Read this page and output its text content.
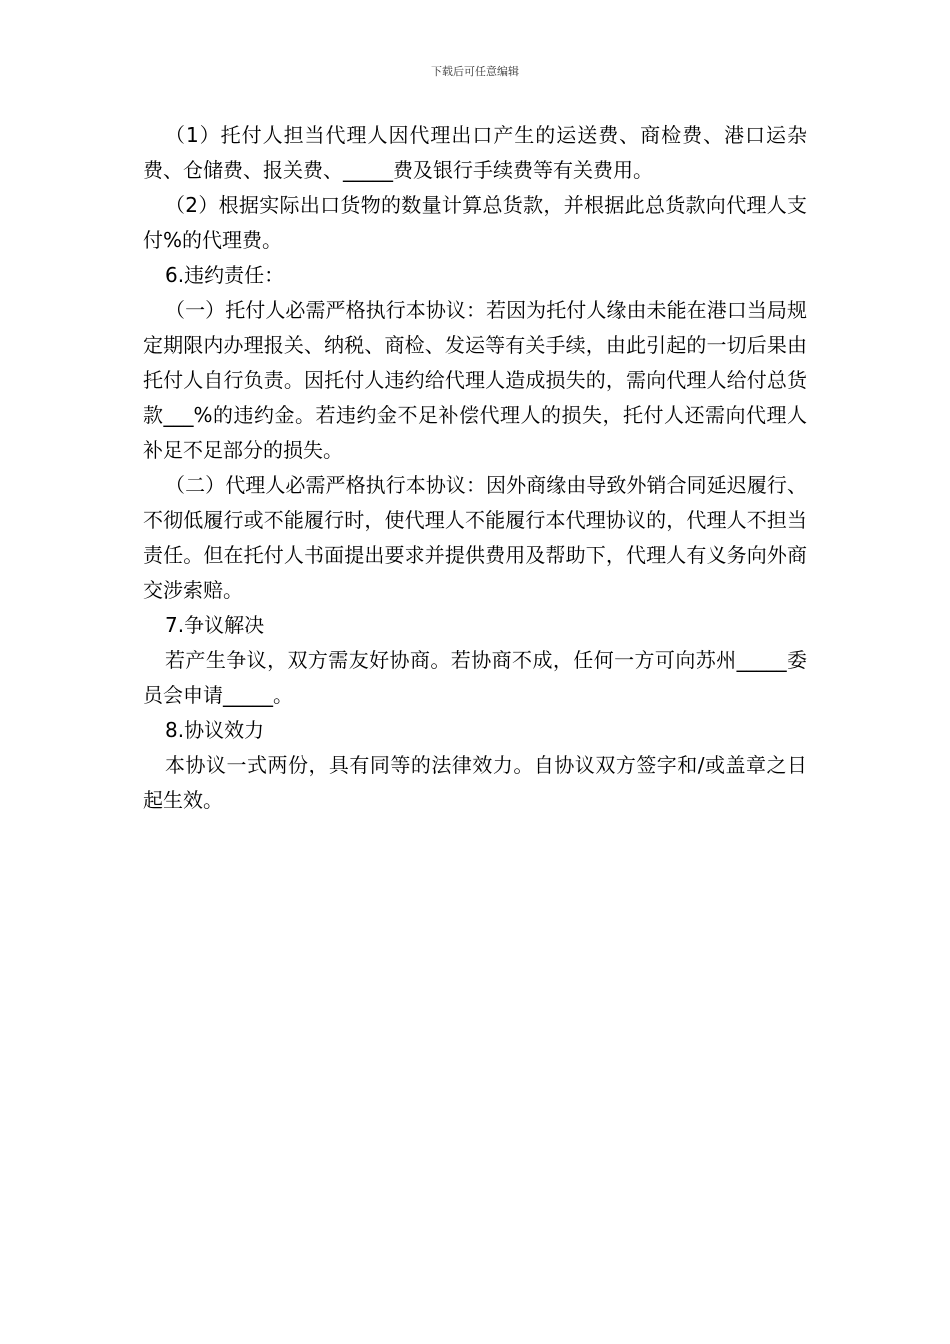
下载后可任意编辑

（1）托付人担当代理人因代理出口产生的运送费、商检费、港口运杂费、仓储费、报关费、_____费及银行手续费等有关费用。

（2）根据实际出口货物的数量计算总货款，并根据此总货款向代理人支付%的代理费。

6.违约责任：

（一）托付人必需严格执行本协议：若因为托付人缘由未能在港口当局规定期限内办理报关、纳税、商检、发运等有关手续，由此引起的一切后果由托付人自行负责。因托付人违约给代理人造成损失的，需向代理人给付总货款___%的违约金。若违约金不足补偿代理人的损失，托付人还需向代理人补足不足部分的损失。

（二）代理人必需严格执行本协议：因外商缘由导致外销合同延迟履行、不彻低履行或不能履行时，使代理人不能履行本代理协议的，代理人不担当责任。但在托付人书面提出要求并提供费用及帮助下，代理人有义务向外商交涉索赔。

7.争议解决

若产生争议，双方需友好协商。若协商不成，任何一方可向苏州_____委员会申请_____。

8.协议效力

本协议一式两份，具有同等的法律效力。自协议双方签字和/或盖章之日起生效。
